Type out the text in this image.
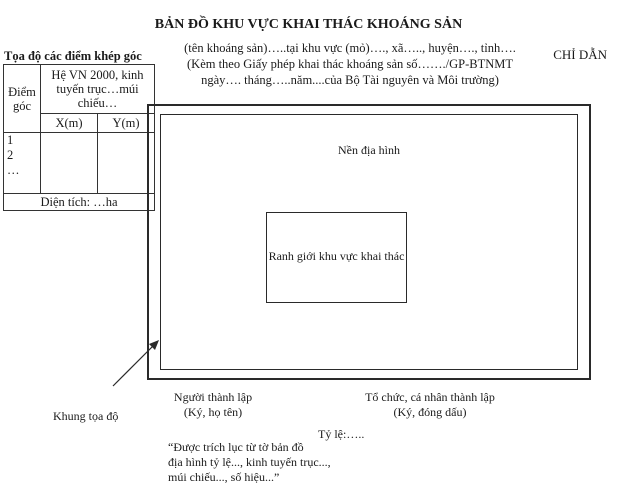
BẢN ĐỒ KHU VỰC KHAI THÁC KHOÁNG SẢN
(tên khoáng sản)…..tại khu vực (mỏ)…., xã….., huyện…., tỉnh….
(Kèm theo Giấy phép khai thác khoáng sản số……./GP-BTNMT
ngày…. tháng…..năm....của Bộ Tài nguyên và Môi trường)
CHỈ DẪN
Tọa độ các điểm khép góc
Điểm góc	Hệ VN 2000, kinh tuyến trục…múi chiếu…	
	X(m)	Y(m)

1
2
…		

Diện tích: …ha		
Nền địa hình
Ranh giới khu vực khai thác
Khung tọa độ
Người thành lập
(Ký, họ tên)
Tổ chức, cá nhân thành lập
(Ký, đóng dấu)
Tỷ lệ:…..
“Được trích lục từ tờ bản đồ
địa hình tỷ lệ..., kinh tuyến trục...,
múi chiếu..., số hiệu...”
